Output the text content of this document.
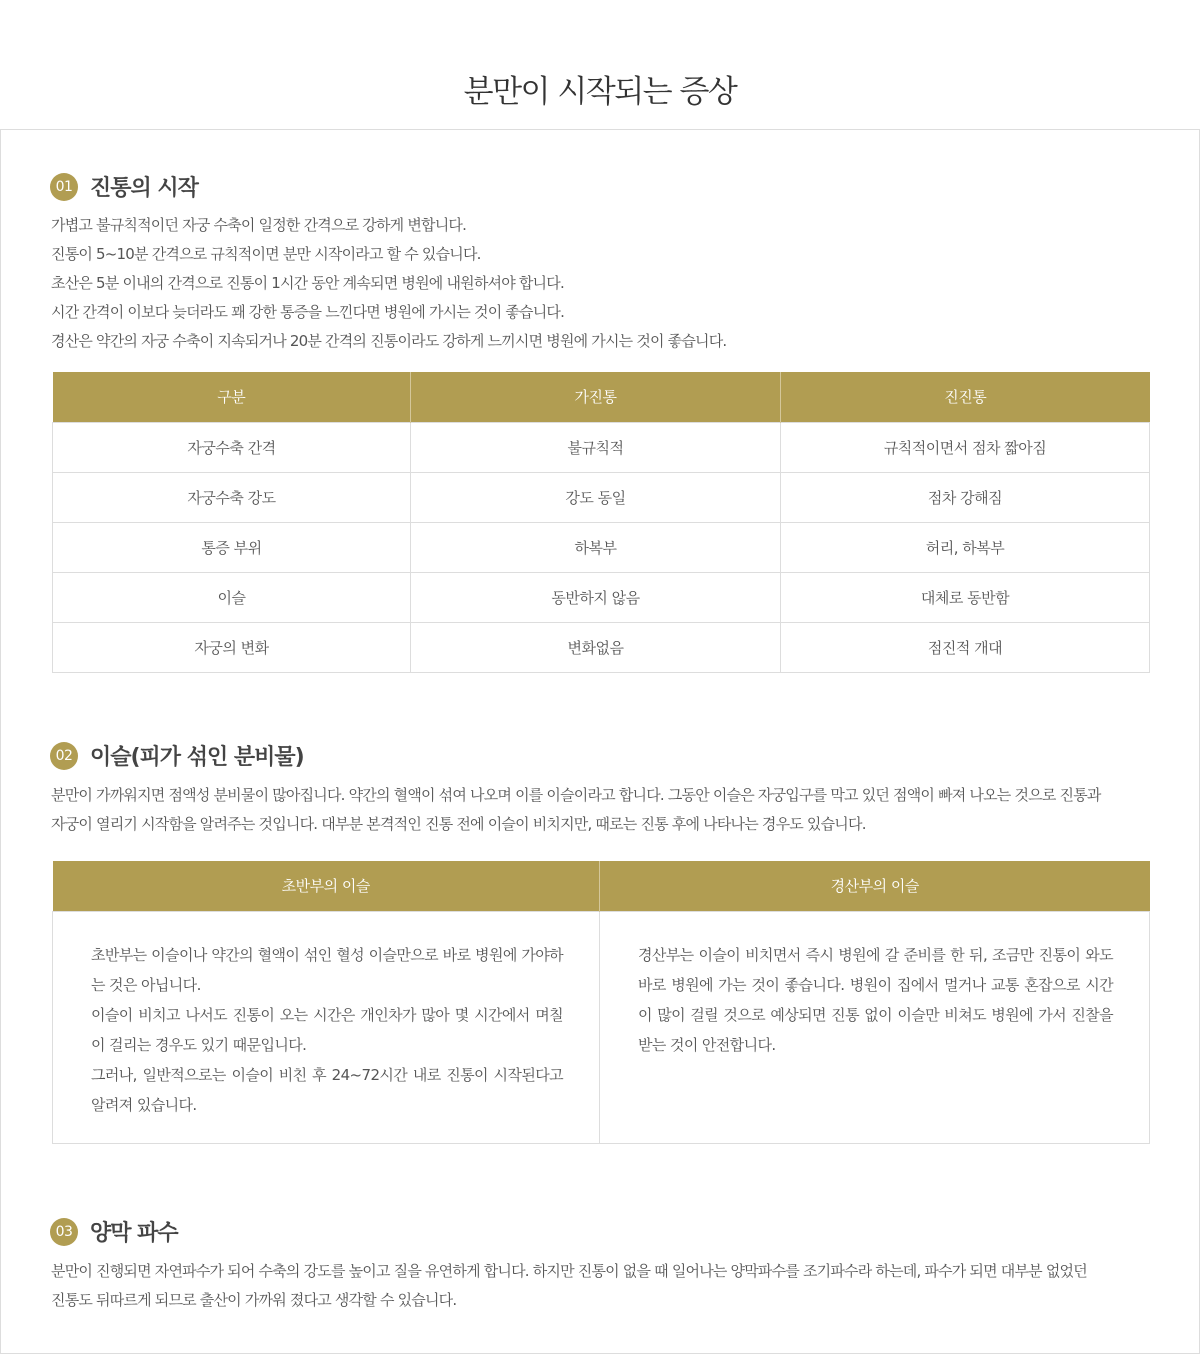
분만이 시작되는 증상
01 진통의 시작
가볍고 불규칙적이던 자궁 수축이 일정한 간격으로 강하게 변합니다.
진통이 5~10분 간격으로 규칙적이면 분만 시작이라고 할 수 있습니다.
초산은 5분 이내의 간격으로 진통이 1시간 동안 계속되면 병원에 내원하셔야 합니다.
시간 간격이 이보다 늦더라도 꽤 강한 통증을 느낀다면 병원에 가시는 것이 좋습니다.
경산은 약간의 자궁 수축이 지속되거나 20분 간격의 진통이라도 강하게 느끼시면 병원에 가시는 것이 좋습니다.
구분	가진통	진진통
자궁수축 간격	불규칙적	규칙적이면서 점차 짧아짐
자궁수축 강도	강도 동일	점차 강해짐
통증 부위	하복부	허리, 하복부
이슬	동반하지 않음	대체로 동반함
자궁의 변화	변화없음	점진적 개대
02 이슬(피가 섞인 분비물)
분만이 가까워지면 점액성 분비물이 많아집니다. 약간의 혈액이 섞여 나오며 이를 이슬이라고 합니다. 그동안 이슬은 자궁입구를 막고 있던 점액이 빠져 나오는 것으로 진통과
자궁이 열리기 시작함을 알려주는 것입니다. 대부분 본격적인 진통 전에 이슬이 비치지만, 때로는 진통 후에 나타나는 경우도 있습니다.
초반부의 이슬	경산부의 이슬

초반부는 이슬이나 약간의 혈액이 섞인 혈성 이슬만으로 바로 병원에 가야하는 것은 아닙니다.
이슬이 비치고 나서도 진통이 오는 시간은 개인차가 많아 몇 시간에서 며칠이 걸리는 경우도 있기 때문입니다.
그러나, 일반적으로는 이슬이 비친 후 24~72시간 내로 진통이 시작된다고 알려져 있습니다.	경산부는 이슬이 비치면서 즉시 병원에 갈 준비를 한 뒤, 조금만 진통이 와도 바로 병원에 가는 것이 좋습니다. 병원이 집에서 멀거나 교통 혼잡으로 시간이 많이 걸릴 것으로 예상되면 진통 없이 이슬만 비쳐도 병원에 가서 진찰을 받는 것이 안전합니다.
03 양막 파수
분만이 진행되면 자연파수가 되어 수축의 강도를 높이고 질을 유연하게 합니다. 하지만 진통이 없을 때 일어나는 양막파수를 조기파수라 하는데, 파수가 되면 대부분 없었던
진통도 뒤따르게 되므로 출산이 가까워 졌다고 생각할 수 있습니다.
